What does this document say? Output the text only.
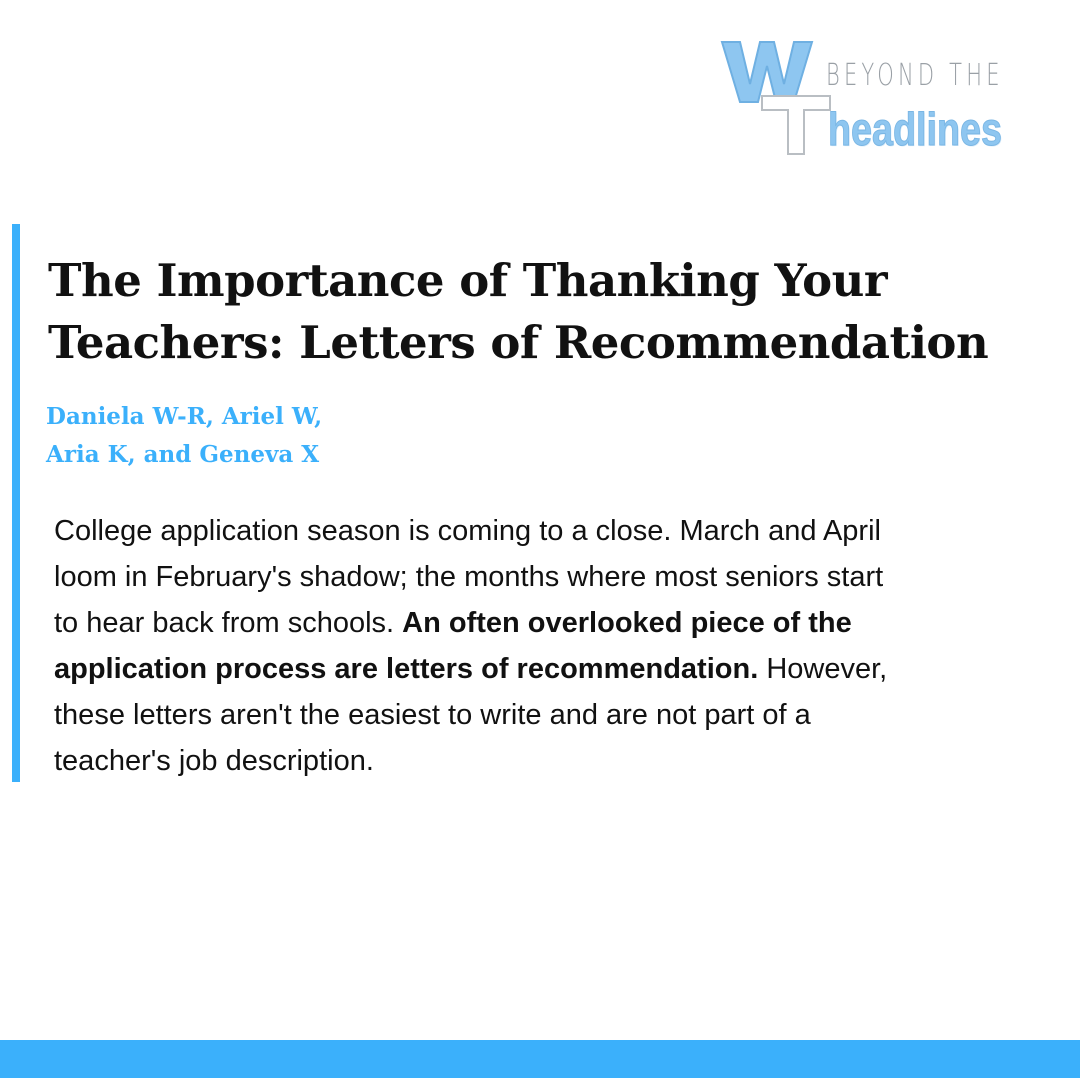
BEYOND THE
headlines
The Importance of Thanking Your
Teachers: Letters of Recommendation
Daniela W-R, Ariel W,
Aria K, and Geneva X

College application season is coming to a close. March and April loom in February's shadow; the months where most seniors start to hear back from schools. An often overlooked piece of the application process are letters of recommendation. However, these letters aren't the easiest to write and are not part of a teacher's job description.
